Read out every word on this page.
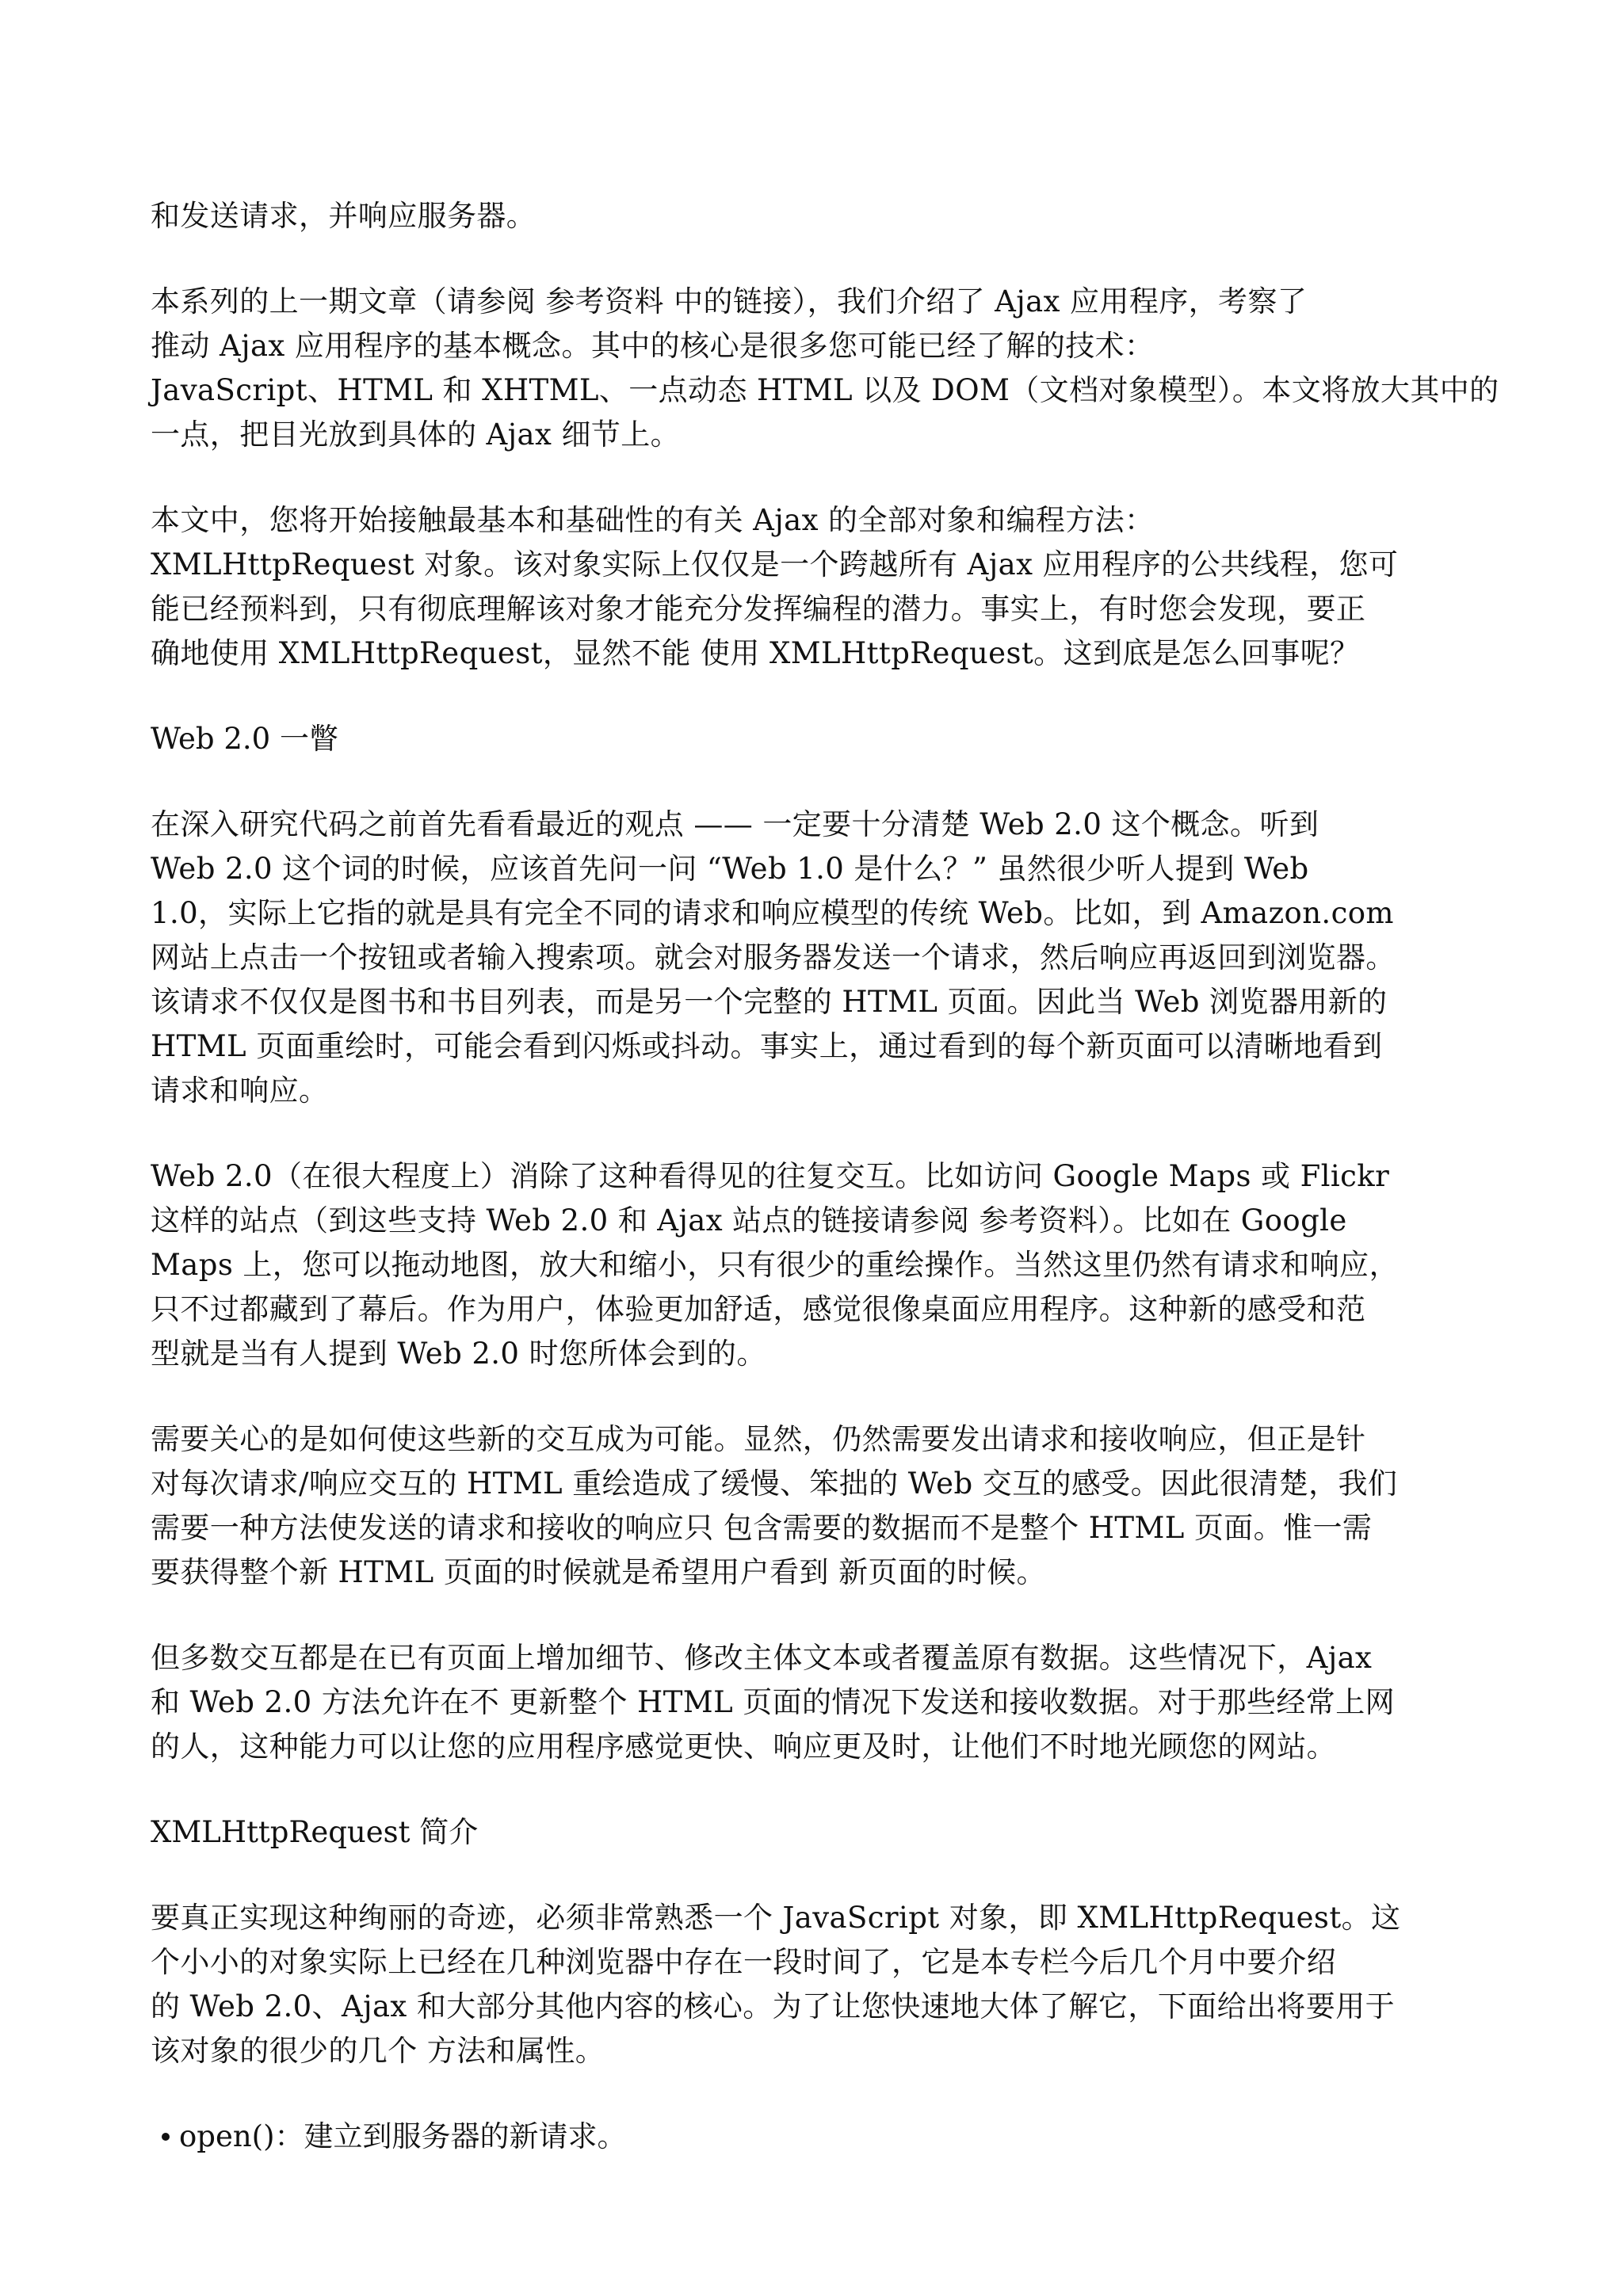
和发送请求，并响应服务器。
本系列的上一期文章（请参阅 参考资料 中的链接），我们介绍了 Ajax 应用程序，考察了
推动 Ajax 应用程序的基本概念。其中的核心是很多您可能已经了解的技术：
JavaScript、HTML 和 XHTML、一点动态 HTML 以及 DOM（文档对象模型）。本文将放大其中的
一点，把目光放到具体的 Ajax 细节上。
本文中，您将开始接触最基本和基础性的有关 Ajax 的全部对象和编程方法：
XMLHttpRequest 对象。该对象实际上仅仅是一个跨越所有 Ajax 应用程序的公共线程，您可
能已经预料到，只有彻底理解该对象才能充分发挥编程的潜力。事实上，有时您会发现，要正
确地使用 XMLHttpRequest，显然不能 使用 XMLHttpRequest。这到底是怎么回事呢？
Web 2.0 一瞥
在深入研究代码之前首先看看最近的观点 —— 一定要十分清楚 Web 2.0 这个概念。听到
Web 2.0 这个词的时候，应该首先问一问 “Web 1.0 是什么？” 虽然很少听人提到 Web
1.0，实际上它指的就是具有完全不同的请求和响应模型的传统 Web。比如，到 Amazon.com
网站上点击一个按钮或者输入搜索项。就会对服务器发送一个请求，然后响应再返回到浏览器。
该请求不仅仅是图书和书目列表，而是另一个完整的 HTML 页面。因此当 Web 浏览器用新的
HTML 页面重绘时，可能会看到闪烁或抖动。事实上，通过看到的每个新页面可以清晰地看到
请求和响应。
Web 2.0（在很大程度上）消除了这种看得见的往复交互。比如访问 Google Maps 或 Flickr
这样的站点（到这些支持 Web 2.0 和 Ajax 站点的链接请参阅 参考资料）。比如在 Google
Maps 上，您可以拖动地图，放大和缩小，只有很少的重绘操作。当然这里仍然有请求和响应，
只不过都藏到了幕后。作为用户，体验更加舒适，感觉很像桌面应用程序。这种新的感受和范
型就是当有人提到 Web 2.0 时您所体会到的。
需要关心的是如何使这些新的交互成为可能。显然，仍然需要发出请求和接收响应，但正是针
对每次请求/响应交互的 HTML 重绘造成了缓慢、笨拙的 Web 交互的感受。因此很清楚，我们
需要一种方法使发送的请求和接收的响应只 包含需要的数据而不是整个 HTML 页面。惟一需
要获得整个新 HTML 页面的时候就是希望用户看到 新页面的时候。
但多数交互都是在已有页面上增加细节、修改主体文本或者覆盖原有数据。这些情况下，Ajax
和 Web 2.0 方法允许在不 更新整个 HTML 页面的情况下发送和接收数据。对于那些经常上网
的人，这种能力可以让您的应用程序感觉更快、响应更及时，让他们不时地光顾您的网站。
XMLHttpRequest 简介
要真正实现这种绚丽的奇迹，必须非常熟悉一个 JavaScript 对象，即 XMLHttpRequest。这
个小小的对象实际上已经在几种浏览器中存在一段时间了，它是本专栏今后几个月中要介绍
的 Web 2.0、Ajax 和大部分其他内容的核心。为了让您快速地大体了解它，下面给出将要用于
该对象的很少的几个 方法和属性。
open()：建立到服务器的新请求。
